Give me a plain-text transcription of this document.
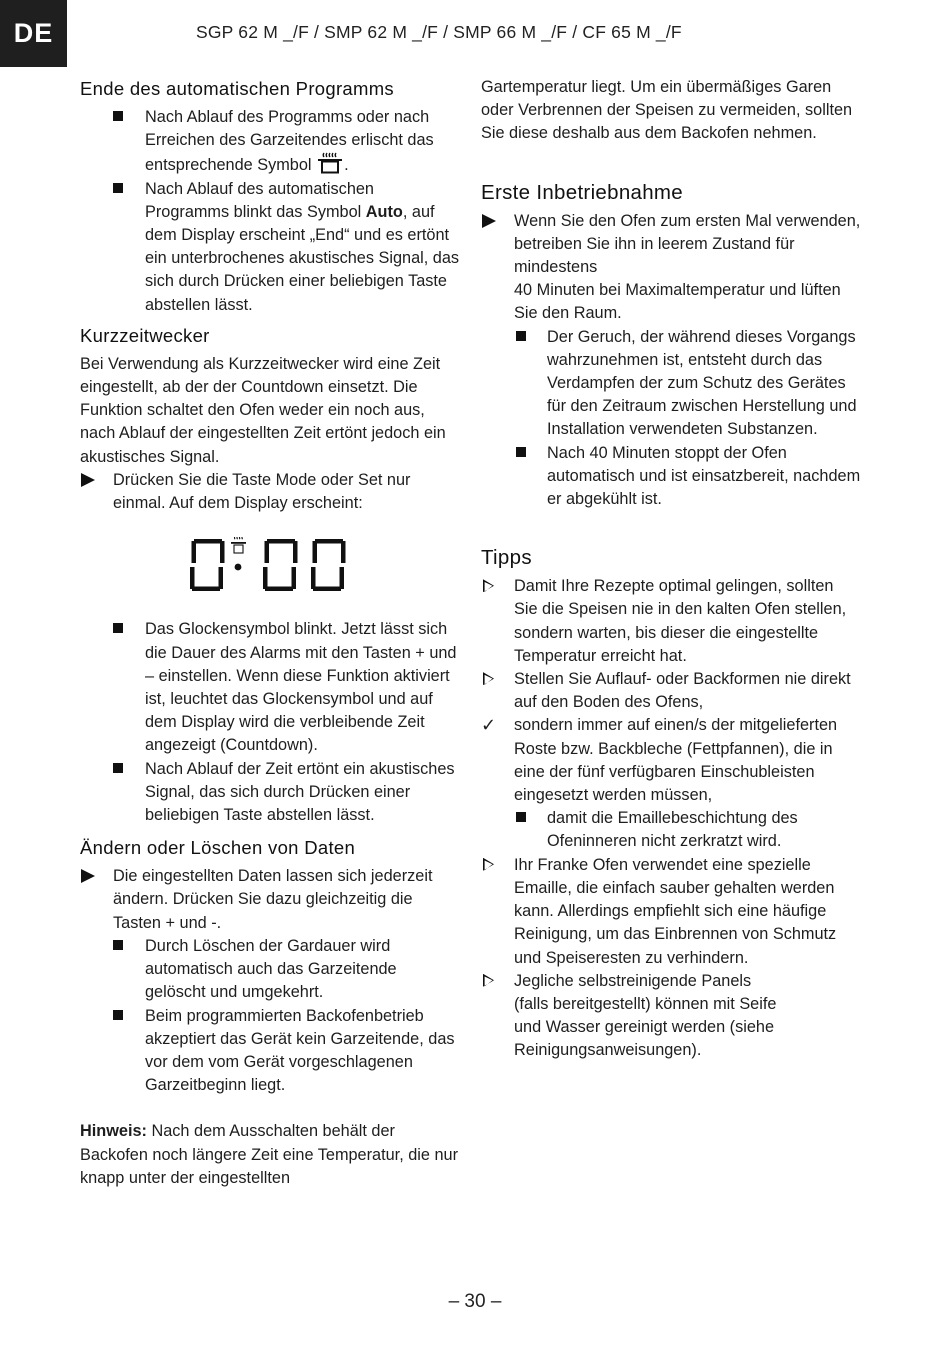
DE	SGP 62 M _/F / SMP 62 M _/F / SMP 66 M _/F / CF 65 M _/F
Ende des automatischen Programms
Nach Ablauf des Programms oder nach Erreichen des Garzeitendes erlischt das entsprechende Symbol .
Nach Ablauf des automatischen Programms blinkt das Symbol Auto, auf dem Display erscheint „End“ und es ertönt ein unterbrochenes akustisches Signal, das sich durch Drücken einer beliebigen Taste abstellen lässt.
Kurzzeitwecker

Bei Verwendung als Kurzzeitwecker wird eine Zeit eingestellt, ab der der Countdown einsetzt. Die Funktion schaltet den Ofen weder ein noch aus, nach Ablauf der eingestellten Zeit ertönt jedoch ein akustisches Signal.

Drücken Sie die Taste Mode oder Set nur einmal. Auf dem Display erscheint:
Das Glockensymbol blinkt. Jetzt lässt sich die Dauer des Alarms mit den Tasten + und – einstellen. Wenn diese Funktion aktiviert ist, leuchtet das Glockensymbol und auf dem Display wird die verbleibende Zeit angezeigt (Countdown).
Nach Ablauf der Zeit ertönt ein akustisches Signal, das sich durch Drücken einer beliebigen Taste abstellen lässt.
Ändern oder Löschen von Daten
Die eingestellten Daten lassen sich jederzeit ändern. Drücken Sie dazu gleichzeitig die Tasten + und -.
Durch Löschen der Gardauer wird automatisch auch das Garzeitende gelöscht und umgekehrt.
Beim programmierten Backofenbetrieb akzeptiert das Gerät kein Garzeitende, das vor dem vom Gerät vorgeschlagenen Garzeitbeginn liegt.

Hinweis: Nach dem Ausschalten behält der Backofen noch längere Zeit eine Temperatur, die nur knapp unter der eingestellten

Gartemperatur liegt. Um ein übermäßiges Garen oder Verbrennen der Speisen zu vermeiden, sollten Sie diese deshalb aus dem Backofen nehmen.

Erste Inbetriebnahme
Wenn Sie den Ofen zum ersten Mal verwenden, betreiben Sie ihn in leerem Zustand für mindestens
40 Minuten bei Maximaltemperatur und lüften Sie den Raum.
Der Geruch, der während dieses Vorgangs wahrzunehmen ist, entsteht durch das Verdampfen der zum Schutz des Gerätes für den Zeitraum zwischen Herstellung und Installation verwendeten Substanzen.
Nach 40 Minuten stoppt der Ofen automatisch und ist einsatzbereit, nachdem er abgekühlt ist.
Tipps
Damit Ihre Rezepte optimal gelingen, sollten Sie die Speisen nie in den kalten Ofen stellen, sondern warten, bis dieser die eingestellte Temperatur erreicht hat.
Stellen Sie Auflauf- oder Backformen nie direkt auf den Boden des Ofens,
✓ sondern immer auf einen/s der mitgelieferten Roste bzw. Backbleche (Fettpfannen), die in eine der fünf verfügbaren Einschubleisten eingesetzt werden müssen,
damit die Emaillebeschichtung des Ofeninneren nicht zerkratzt wird.
Ihr Franke Ofen verwendet eine spezielle Emaille, die einfach sauber gehalten werden kann. Allerdings empfiehlt sich eine häufige Reinigung, um das Einbrennen von Schmutz und Speiseresten zu verhindern.
Jegliche selbstreinigende Panels
(falls bereitgestellt) können mit Seife
und Wasser gereinigt werden (siehe Reinigungsanweisungen).
– 30 –
